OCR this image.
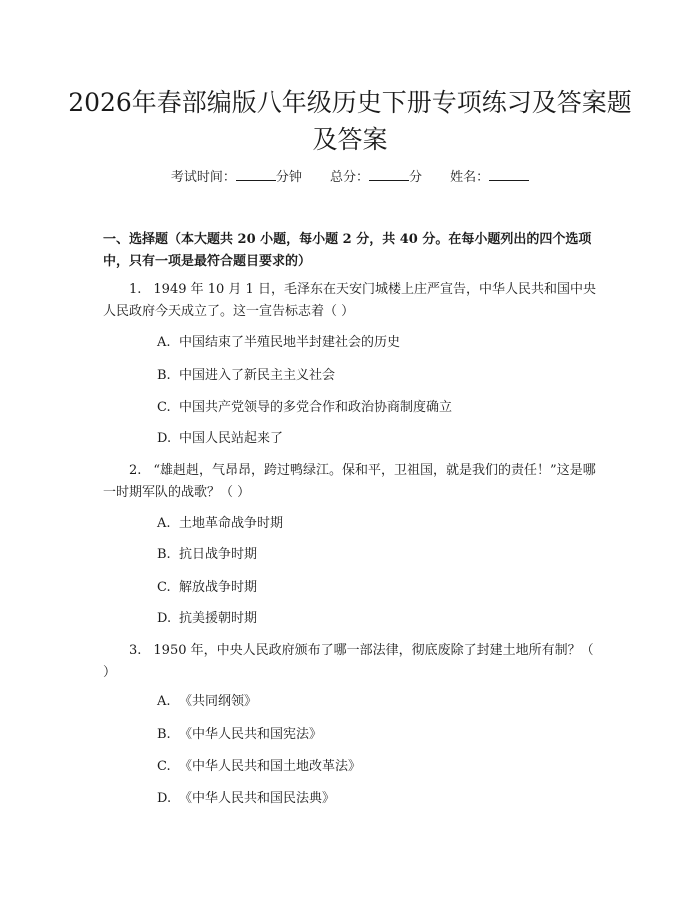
2026年春部编版八年级历史下册专项练习及答案题及答案
考试时间：	分钟 总分：	分 姓名：

一、选择题（本大题共 20 小题，每小题 2 分，共 40 分。在每小题列出的四个选项中，只有一项是最符合题目要求的）

1. 1949 年 10 月 1 日，毛泽东在天安门城楼上庄严宣告，中华人民共和国中央人民政府今天成立了。这一宣告标志着（ ）

A. 中国结束了半殖民地半封建社会的历史
B. 中国进入了新民主主义社会
C. 中国共产党领导的多党合作和政治协商制度确立
D. 中国人民站起来了

2. “雄赳赳，气昂昂，跨过鸭绿江。保和平，卫祖国，就是我们的责任！”这是哪一时期军队的战歌？（ ）

A. 土地革命战争时期
B. 抗日战争时期
C. 解放战争时期
D. 抗美援朝时期

3. 1950 年，中央人民政府颁布了哪一部法律，彻底废除了封建土地所有制？（ ）

A. 《共同纲领》
B. 《中华人民共和国宪法》
C. 《中华人民共和国土地改革法》
D. 《中华人民共和国民法典》
